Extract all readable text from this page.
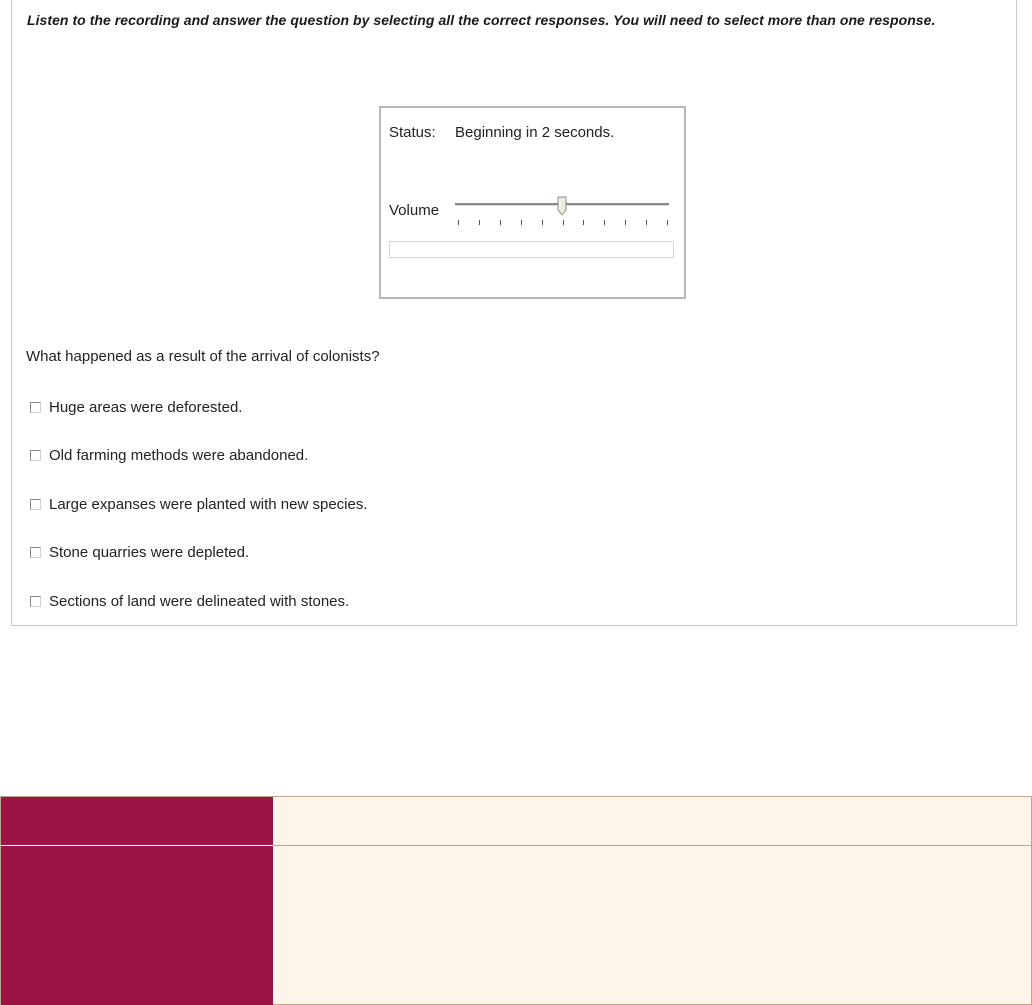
Listen to the recording and answer the question by selecting all the correct responses. You will need to select more than one response.
Status: Beginning in 2 seconds.
Volume
What happened as a result of the arrival of colonists?
Huge areas were deforested.
Old farming methods were abandoned.
Large expanses were planted with new species.
Stone quarries were depleted.
Sections of land were delineated with stones.
